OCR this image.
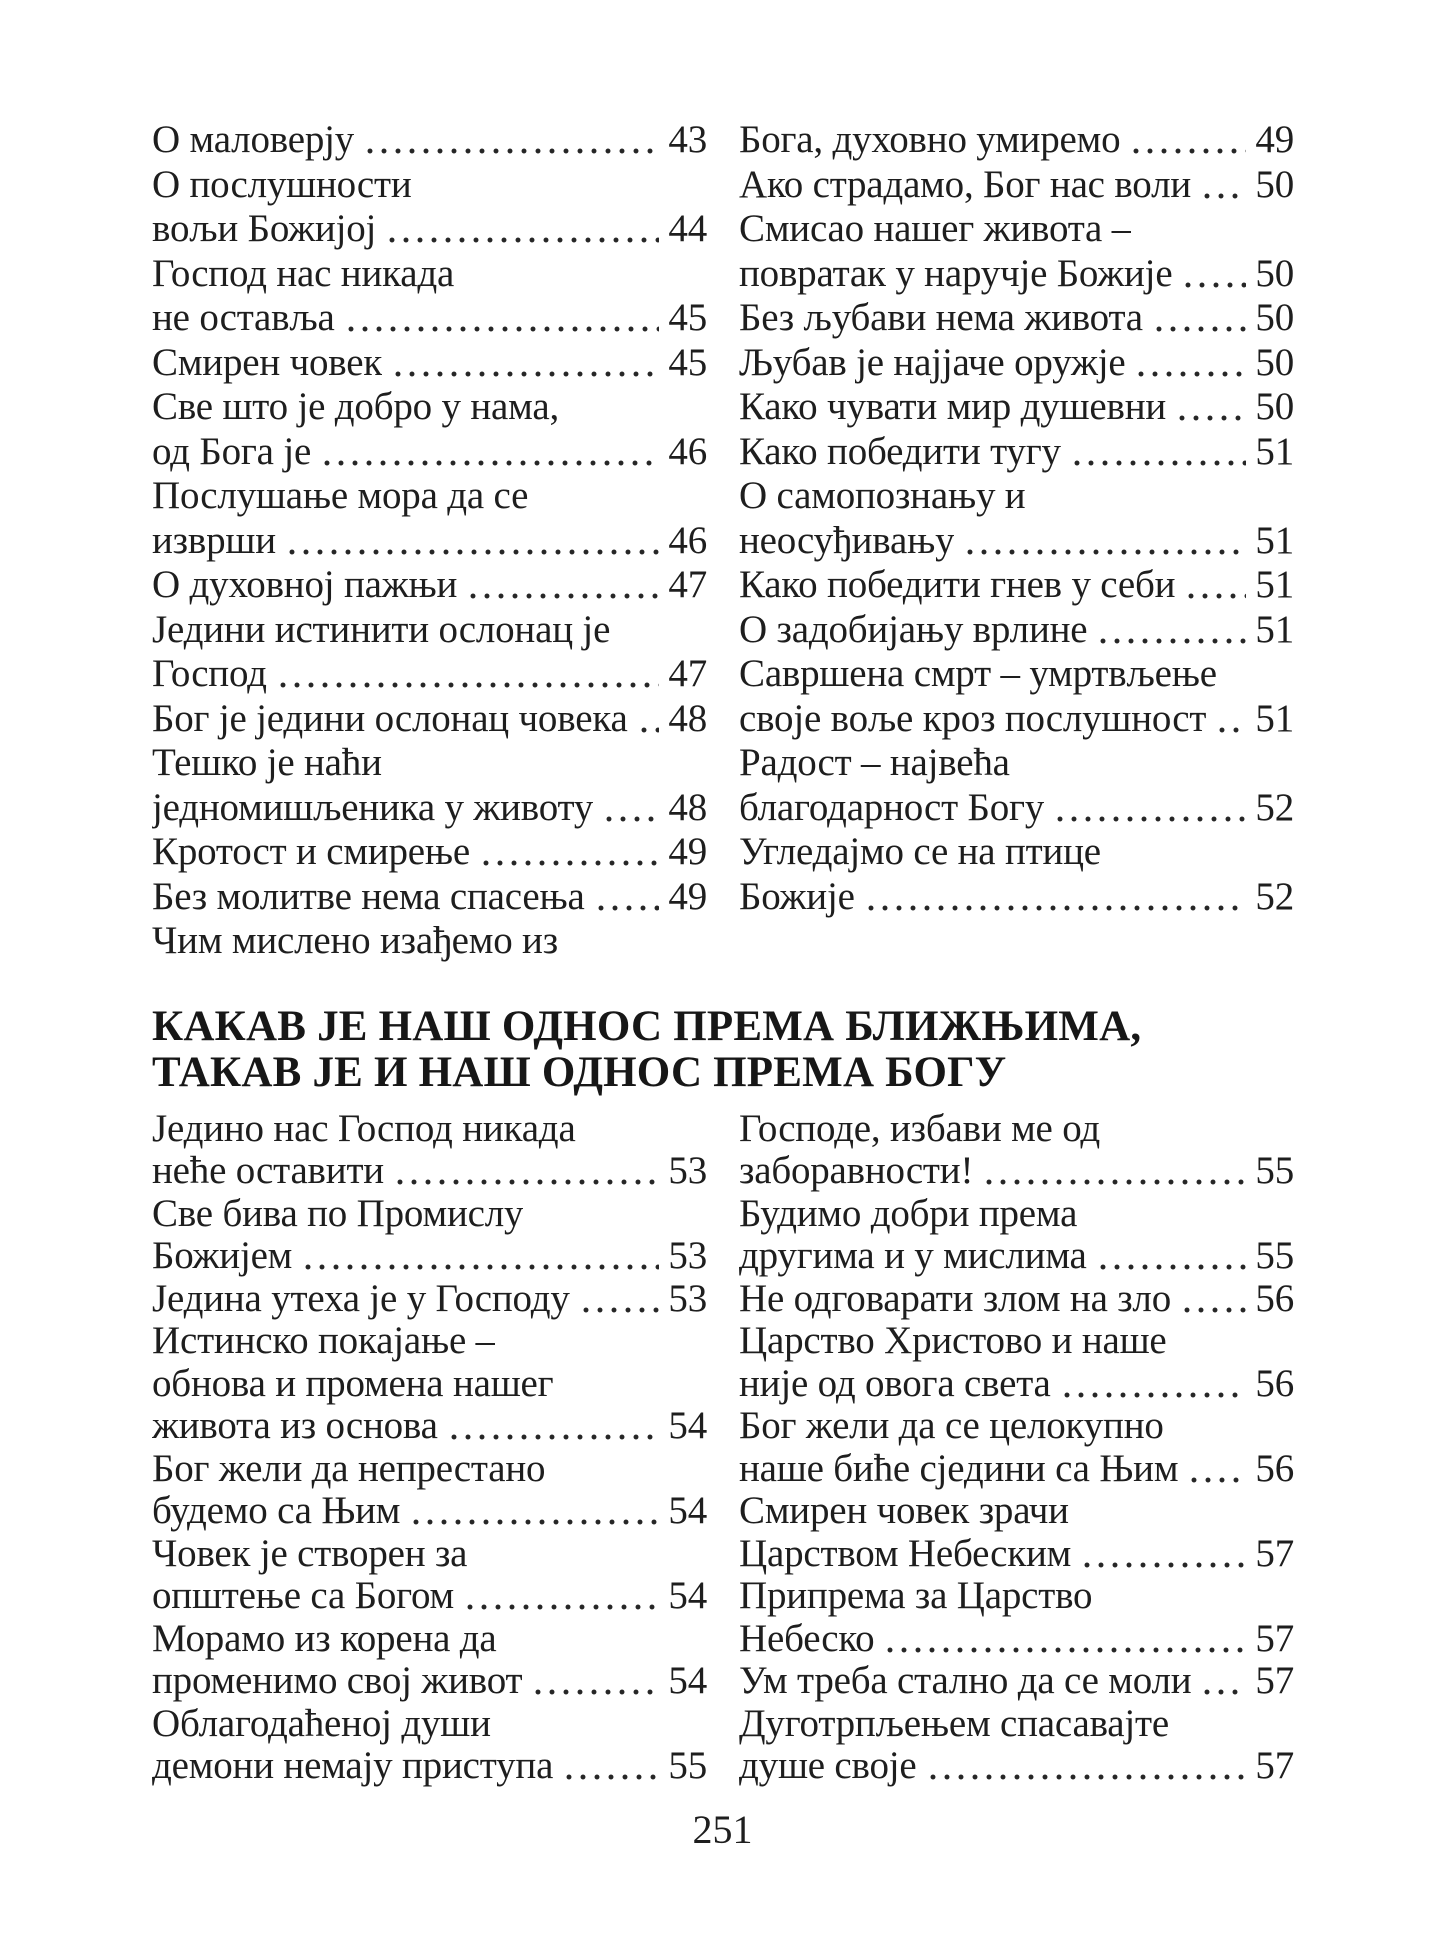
О маловерју	43
О послушности
вољи Божијој	44
Господ нас никада
не оставља	45
Смирен човек	45
Све што је добро у нама,
од Бога је	46
Послушање мора да се
изврши	46
О духовној пажњи	47
Једини истинити ослонац је
Господ	47
Бог је једини ослонац човека 48
Тешко је наћи
једномишљеника у животу 48
Кротост и смирење	49
Без молитве нема спасења 49
Чим мислено изађемо из
Бога, духовно умиремо	49
Ако страдамо, Бог нас воли 50
Смисао нашег живота –
повратак у наручје Божије 50
Без љубави нема живота	50
Љубав је најјаче оружје	50
Како чувати мир душевни 50
Како победити тугу	51
О самопознању и
неосуђивању	51
Како победити гнев у себи 51
О задобијању врлине	51
Савршена смрт – умртвљење
своје воље кроз послушност 51
Радост – највећа
благодарност Богу	52
Угледајмо се на птице
Божије	52
КАКАВ ЈЕ НАШ ОДНОС ПРЕМА БЛИЖЊИМА,
ТАКАВ ЈЕ И НАШ ОДНОС ПРЕМА БОГУ
Једино нас Господ никада
неће оставити	53
Све бива по Промислу
Божијем	53
Једина утеха је у Господу	53
Истинско покајање –
обнова и промена нашег
живота из основа	54
Бог жели да непрестано
будемо са Њим	54
Човек је створен за
општење са Богом	54
Морамо из корена да
променимо свој живот	54
Облагодаћеној души
демони немају приступа	55
Господе, избави ме од
заборавности!	55
Будимо добри према
другима и у мислима	55
Не одговарати злом на зло 56
Царство Христово и наше
није од овога света	56
Бог жели да се целокупно
наше биће сједини са Њим 56
Смирен човек зрачи
Царством Небеским	57
Припрема за Царство
Небеско	57
Ум треба стално да се моли 57
Дуготрпљењем спасавајте
душе своје	57
251
